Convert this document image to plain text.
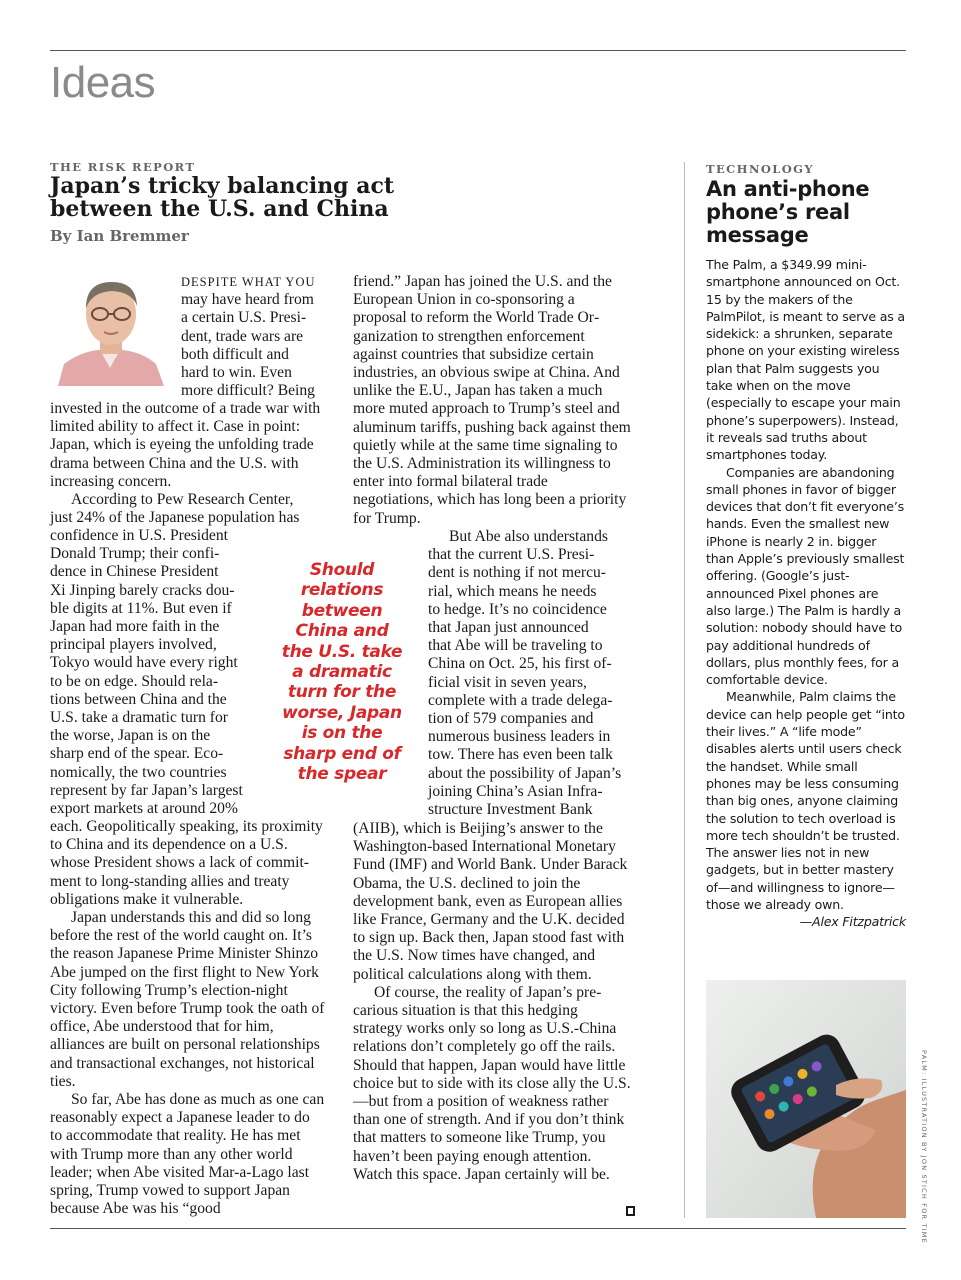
Ideas
THE RISK REPORT
Japan’s tricky balancing act
between the U.S. and China
By Ian Bremmer
DESPITE WHAT YOU
may have heard from
a certain U.S. Presi-
dent, trade wars are
both difficult and
hard to win. Even
more difficult? Being

invested in the outcome of a trade war with limited ability to affect it. Case in point: Japan, which is eyeing the unfolding trade drama between China and the U.S. with increasing concern.

According to Pew Research Center,
just 24% of the Japanese population has
confidence in U.S. President
Donald Trump; their confi-
dence in Chinese President
Xi Jinping barely cracks dou-
ble digits at 11%. But even if
Japan had more faith in the
principal players involved,
Tokyo would have every right
to be on edge. Should rela-
tions between China and the
U.S. take a dramatic turn for
the worse, Japan is on the
sharp end of the spear. Eco-
nomically, the two countries
represent by far Japan’s largest
export markets at around 20%

each. Geopolitically speaking, its proximity to China and its dependence on a U.S. whose President shows a lack of commitment to long-standing allies and treaty obligations make it vulnerable.

Japan understands this and did so long before the rest of the world caught on. It’s the reason Japanese Prime Minister Shinzo Abe jumped on the first flight to New York City following Trump’s election-night victory. Even before Trump took the oath of office, Abe understood that for him, alliances are built on personal relationships and transactional exchanges, not historical ties.

So far, Abe has done as much as one can reasonably expect a Japanese leader to do to accommodate that reality. He has met with Trump more than any other world leader; when Abe visited Mar-a-Lago last spring, Trump vowed to support Japan because Abe was his “good

Should
relations
between
China and
the U.S. take
a dramatic
turn for the
worse, Japan
is on the
sharp end of
the spear

friend.” Japan has joined the U.S. and the European Union in co-sponsoring a proposal to reform the World Trade Organization to strengthen enforcement against countries that subsidize certain industries, an obvious swipe at China. And unlike the E.U., Japan has taken a much more muted approach to Trump’s steel and aluminum tariffs, pushing back against them quietly while at the same time signaling to the U.S. Administration its willingness to enter into formal bilateral trade negotiations, which has long been a priority for Trump.

But Abe also understands
that the current U.S. Presi-
dent is nothing if not mercu-
rial, which means he needs
to hedge. It’s no coincidence
that Japan just announced
that Abe will be traveling to
China on Oct. 25, his first of-
ficial visit in seven years,
complete with a trade delega-
tion of 579 companies and
numerous business leaders in
tow. There has even been talk
about the possibility of Japan’s
joining China’s Asian Infra-
structure Investment Bank

(AIIB), which is Beijing’s answer to the Washington-based International Monetary Fund (IMF) and World Bank. Under Barack Obama, the U.S. declined to join the development bank, even as European allies like France, Germany and the U.K. decided to sign up. Back then, Japan stood fast with the U.S. Now times have changed, and political calculations along with them.

Of course, the reality of Japan’s precarious situation is that this hedging strategy works only so long as U.S.-China relations don’t completely go off the rails. Should that happen, Japan would have little choice but to side with its close ally the U.S.—but from a position of weakness rather than one of strength. And if you don’t think that matters to someone like Trump, you haven’t been paying enough attention. Watch this space. Japan certainly will be.

TECHNOLOGY
An anti-phone
phone’s real
message

The Palm, a $349.99 mini-smartphone announced on Oct. 15 by the makers of the PalmPilot, is meant to serve as a sidekick: a shrunken, separate phone on your existing wireless plan that Palm suggests you take when on the move (especially to escape your main phone’s superpowers). Instead, it reveals sad truths about smartphones today.

Companies are abandoning small phones in favor of bigger devices that don’t fit everyone’s hands. Even the smallest new iPhone is nearly 2 in. bigger than Apple’s previously smallest offering. (Google’s just-announced Pixel phones are also large.) The Palm is hardly a solution: nobody should have to pay additional hundreds of dollars, plus monthly fees, for a comfortable device.

Meanwhile, Palm claims the device can help people get “into their lives.” A “life mode” disables alerts until users check the handset. While small phones may be less consuming than big ones, anyone claiming the solution to tech overload is more tech shouldn’t be trusted. The answer lies not in new gadgets, but in better mastery of—and willingness to ignore—those we already own.

—Alex Fitzpatrick
PALM: ILLUSTRATION BY JON STICH FOR TIME
